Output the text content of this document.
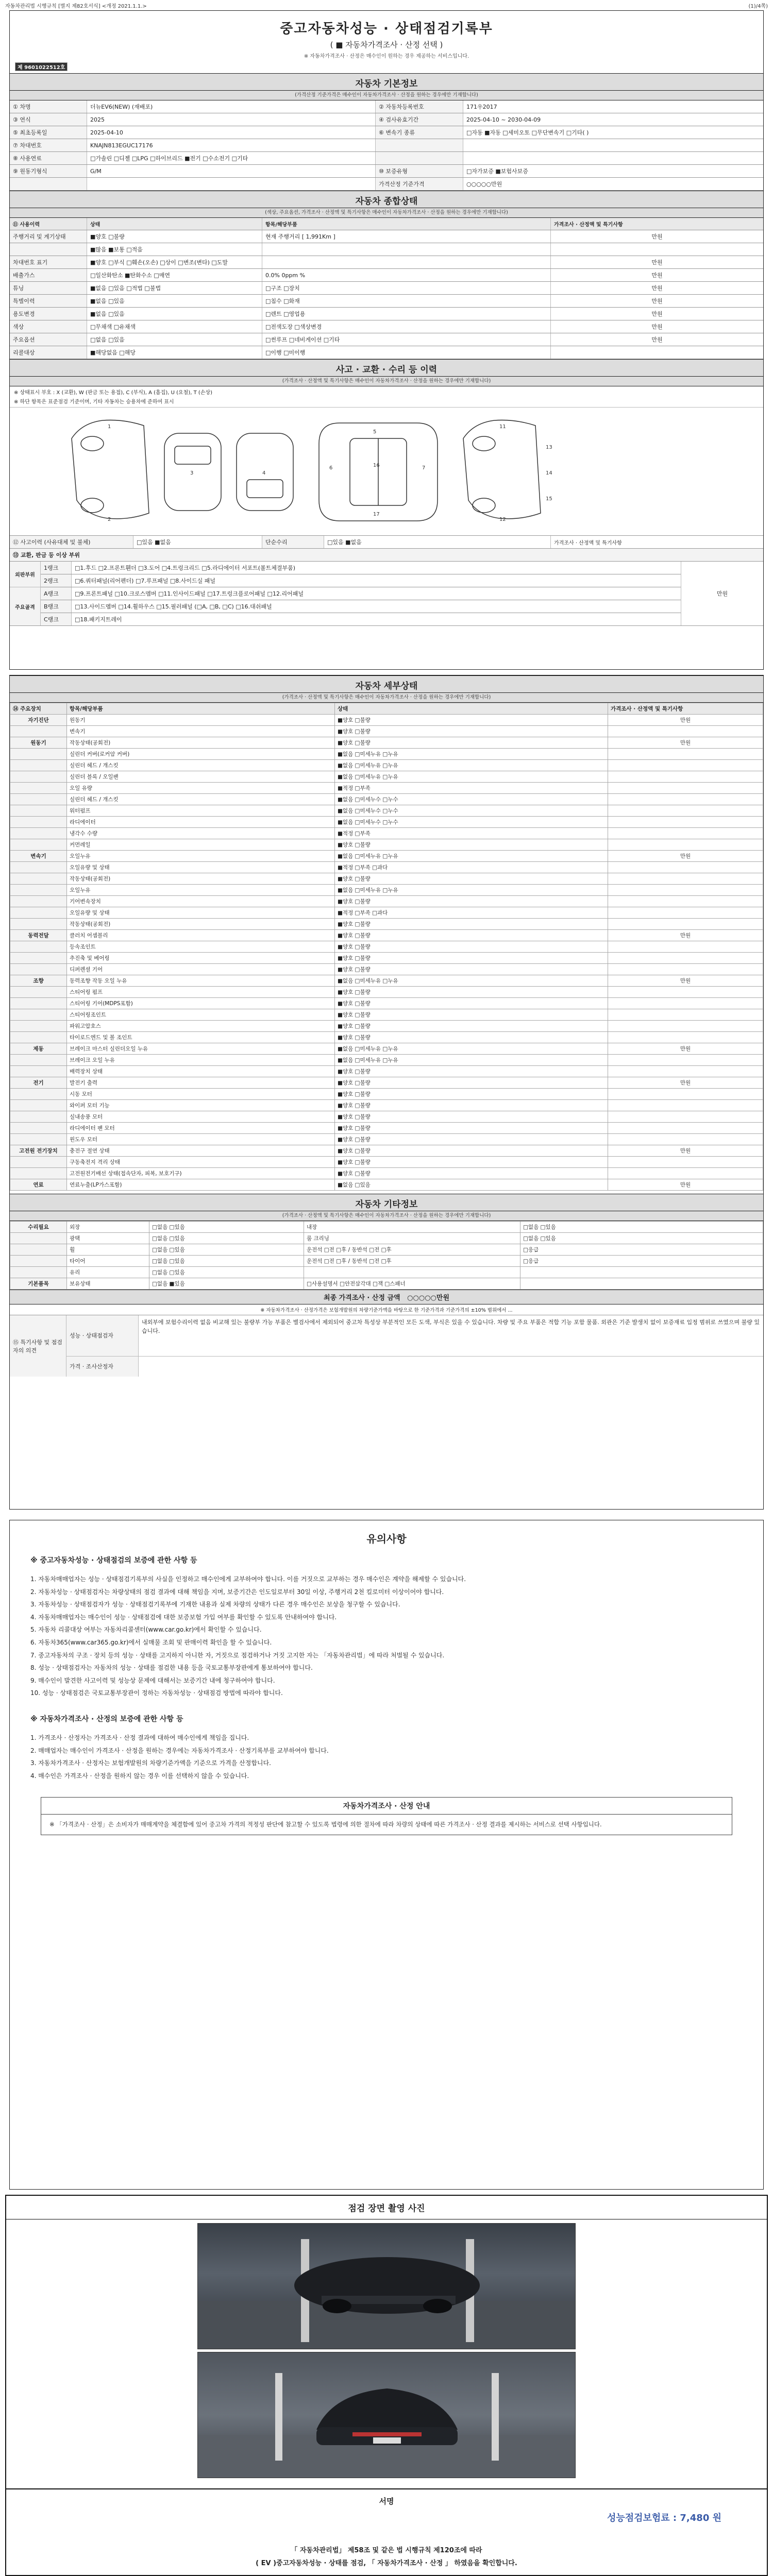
자동차관리법 시행규칙 [별지 제82호서식] <개정 2021.1.1.>	(1)/4쪽)
중고자동차성능 · 상태점검기록부
( ■ 자동차가격조사 · 산정 선택 )
※ 자동차가격조사 · 산정은 매수인이 원하는 경우 제공하는 서비스입니다.
제 9601022512호
자동차 기본정보
(가격산정 기준가격은 매수인이 자동차가격조사 · 산정을 원하는 경우에만 기재합니다)
① 차명	더뉴EV6(NEW) (재배포)	② 자동차등록번호	171우2017
③ 연식	2025	④ 검사유효기간	2025-04-10 ~ 2030-04-09
⑤ 최초등록일	2025-04-10	⑥ 변속기 종류	□자동 ■자동 □세미오토 □무단변속기 □기타( )
⑦ 차대번호	KNAJN813EGUC17176
⑧ 사용연료	□가솔린 □디젤 □LPG □하이브리드 ■전기 □수소전기 □기타
⑨ 원동기형식	G/M	⑩ 보증유형	□자가보증 ■보험사보증
가격산정 기준가격	○○○○○만원
자동차 종합상태
(색상, 주요옵션, 가격조사 · 산정액 및 특기사항은 매수인이 자동차가격조사 · 산정을 원하는 경우에만 기재합니다)
⑪ 사용이력	상태	항목/해당부품	가격조사 · 산정액 및 특기사항
주행거리 및 계기상태	■양호 □불량	현재 주행거리 [ 1,991Km ]	만원
■많음 ■보통 □적음
차대번호 표기	■양호 □부식 □훼손(오손) □상이 □변조(변타) □도말	만원
배출가스	□일산화탄소 ■탄화수소 □매연	0.0% 0ppm %	만원
튜닝	■없음 □있음 □적법 □불법	□구조 □장치	만원
특별이력	■없음 □있음	□침수 □화재	만원
용도변경	■없음 □있음	□렌트 □영업용	만원
색상	□무채색 □유채색	□전색도장 □색상변경	만원
주요옵션	□없음 □있음	□썬루프 □네비게이션 □기타	만원
리콜대상	■해당없음 □해당	□이행 □미이행
사고 · 교환 · 수리 등 이력
(가격조사 · 산정액 및 특기사항은 매수인이 자동차가격조사 · 산정을 원하는 경우에만 기재합니다)
※ 상태표시 부호 : X (교환), W (판금 또는 용접), C (부식), A (흠집), U (요철), T (손상)
※ 하단 항목은 표준점검 기준이며, 기타 자동차는 승용차에 준하여 표시
1
2
3	4
5
6	7
16
17
11
12
13
14
15
⑫ 사고이력 (사유대체 및 불체)	□있음 ■없음	단순수리	□있음 ■없음	가격조사 · 산정액 및 특기사항
⑬ 교환, 판금 등 이상 부위
외판부위
주요골격
1랭크	□1.후드 □2.프론트휀더 □3.도어 □4.트렁크리드 □5.라디에이터 서포트(볼트체결부품)
2랭크	□6.쿼터패널(리어펜더) □7.루프패널 □8.사이드실 패널
A랭크	□9.프론트패널 □10.크로스멤버 □11.인사이드패널 □17.트렁크플로어패널 □12.리어패널
B랭크	□13.사이드멤버 □14.휠하우스 □15.필러패널 (□A, □B, □C) □16.대쉬패널
C랭크	□18.패키지트레이
만원
자동차 세부상태
(가격조사 · 산정액 및 특기사항은 매수인이 자동차가격조사 · 산정을 원하는 경우에만 기재합니다)
⑭ 주요장치	항목/해당부품	상태	가격조사 · 산정액 및 특기사항
자기진단	원동기	■양호 □불량	만원
	변속기	■양호 □불량	
원동기	작동상태(공회전)	■양호 □불량	만원
	실린더 커버(로커암 커버)	■없음 □미세누유 □누유	
	실린더 헤드 / 개스킷	■없음 □미세누유 □누유	
	실린더 블록 / 오일팬	■없음 □미세누유 □누유	
	오일 유량	■적정 □부족	
	실린더 헤드 / 개스킷	■없음 □미세누수 □누수	
	워터펌프	■없음 □미세누수 □누수	
	라디에이터	■없음 □미세누수 □누수	
	냉각수 수량	■적정 □부족	
	커먼레일	■양호 □불량	
변속기	오일누유	■없음 □미세누유 □누유	만원
	오일유량 및 상태	■적정 □부족 □과다	
	작동상태(공회전)	■양호 □불량	
	오일누유	■없음 □미세누유 □누유	
	기어변속장치	■양호 □불량	
	오일유량 및 상태	■적정 □부족 □과다	
	작동상태(공회전)	■양호 □불량	
동력전달	클러치 어셈블리	■양호 □불량	만원
	등속조인트	■양호 □불량	
	추진축 및 베어링	■양호 □불량	
	디퍼렌셜 기어	■양호 □불량	
조향	동력조향 작동 오일 누유	■없음 □미세누유 □누유	만원
	스티어링 펌프	■양호 □불량	
	스티어링 기어(MDPS포함)	■양호 □불량	
	스티어링조인트	■양호 □불량	
	파워고압호스	■양호 □불량	
	타이로드엔드 및 볼 조인트	■양호 □불량	
제동	브레이크 마스터 실린더오일 누유	■없음 □미세누유 □누유	만원
	브레이크 오일 누유	■없음 □미세누유 □누유	
	배력장치 상태	■양호 □불량	
전기	발전기 출력	■양호 □불량	만원
	시동 모터	■양호 □불량	
	와이퍼 모터 기능	■양호 □불량	
	실내송풍 모터	■양호 □불량	
	라디에이터 팬 모터	■양호 □불량	
	윈도우 모터	■양호 □불량	
고전원 전기장치	충전구 절연 상태	■양호 □불량	만원
	구동축전지 격리 상태	■양호 □불량	
	고전원전기배선 상태(접속단자, 피복, 보호기구)	■양호 □불량	
연료	연료누출(LP가스포함)	■없음 □있음	만원
자동차 기타정보
(가격조사 · 산정액 및 특기사항은 매수인이 자동차가격조사 · 산정을 원하는 경우에만 기재합니다)
수리필요	외장	□없음 □있음	내장	□없음 □있음
	광택	□없음 □있음	룸 크리닝	□없음 □있음
	휠	□없음 □있음	운전석 □전 □후 / 동반석 □전 □후	□응급
	타이어	□없음 □있음	운전석 □전 □후 / 동반석 □전 □후	□응급
	유리	□없음 □있음		
기본품목	보유상태	□없음 ■있음	□사용설명서 □안전삼각대 □잭 □스패너	
최종 가격조사 · 산정 금액 ○○○○○만원
※ 자동차가격조사 · 산정가격은 보험개발원의 차량기준가액을 바탕으로 한 기준가격과 기준가격의 ±10% 범위에서 ...
⑮ 특기사항 및 점검자의 의견
성능 · 상태점검자
내외부에 보험수리이력 없음 비교해 있는 불량부 가능 부품은 별검사에서 제외되어 중고차 특성상 부분적인 모든 도색, 부식은 있을 수 있습니다. 차량 및 주요 부품은 적합 기능 포함 물품. 외관은 기준 발생치 없이 보증재료 입정 범위로 쓰였으며 불량 있습니다.
가격 · 조사산정자
유의사항
※ 중고자동차성능 · 상태점검의 보증에 관한 사항 등

1. 자동차매매업자는 성능 · 상태점검기록부의 사실을 인정하고 매수인에게 교부하여야 합니다. 이를 거짓으로 교부하는 경우 매수인은 계약을 해제할 수 있습니다.

2. 자동차성능 · 상태점검자는 차량상태의 점검 결과에 대해 책임을 지며, 보증기간은 인도일로부터 30일 이상, 주행거리 2천 킬로미터 이상이어야 합니다.

3. 자동차성능 · 상태점검자가 성능 · 상태점검기록부에 기재한 내용과 실제 차량의 상태가 다른 경우 매수인은 보상을 청구할 수 있습니다.

4. 자동차매매업자는 매수인이 성능 · 상태점검에 대한 보증보험 가입 여부를 확인할 수 있도록 안내하여야 합니다.

5. 자동차 리콜대상 여부는 자동차리콜센터(www.car.go.kr)에서 확인할 수 있습니다.

6. 자동차365(www.car365.go.kr)에서 실매물 조회 및 판매이력 확인을 할 수 있습니다.

7. 중고자동차의 구조 · 장치 등의 성능 · 상태를 고지하지 아니한 자, 거짓으로 점검하거나 거짓 고지한 자는 「자동차관리법」에 따라 처벌될 수 있습니다.

8. 성능 · 상태점검자는 자동차의 성능 · 상태를 점검한 내용 등을 국토교통부장관에게 통보하여야 합니다.

9. 매수인이 발견한 사고이력 및 성능상 문제에 대해서는 보증기간 내에 청구하여야 합니다.

10. 성능 · 상태점검은 국토교통부장관이 정하는 자동차성능 · 상태점검 방법에 따라야 합니다.

※ 자동차가격조사 · 산정의 보증에 관한 사항 등

1. 가격조사 · 산정자는 가격조사 · 산정 결과에 대하여 매수인에게 책임을 집니다.

2. 매매업자는 매수인이 가격조사 · 산정을 원하는 경우에는 자동차가격조사 · 산정기록부를 교부하여야 합니다.

3. 자동차가격조사 · 산정자는 보험개발원의 차량기준가액을 기준으로 가격을 산정합니다.

4. 매수인은 가격조사 · 산정을 원하지 않는 경우 이를 선택하지 않을 수 있습니다.

자동차가격조사 · 산정 안내
※ 「가격조사 · 산정」은 소비자가 매매계약을 체결함에 있어 중고차 가격의 적정성 판단에 참고할 수 있도록 법령에 의한 절차에 따라 차량의 상태에 따른 가격조사 · 산정 결과를 제시하는 서비스로 선택 사항입니다.
점검 장면 촬영 사진
서명
성능점검보험료 : 7,480 원
「 자동차관리법」 제58조 및 같은 법 시행규칙 제120조에 따라
( EV )중고자동차성능 · 상태를 점검, 「 자동차가격조사 · 산정 」 하였음을 확인합니다.
